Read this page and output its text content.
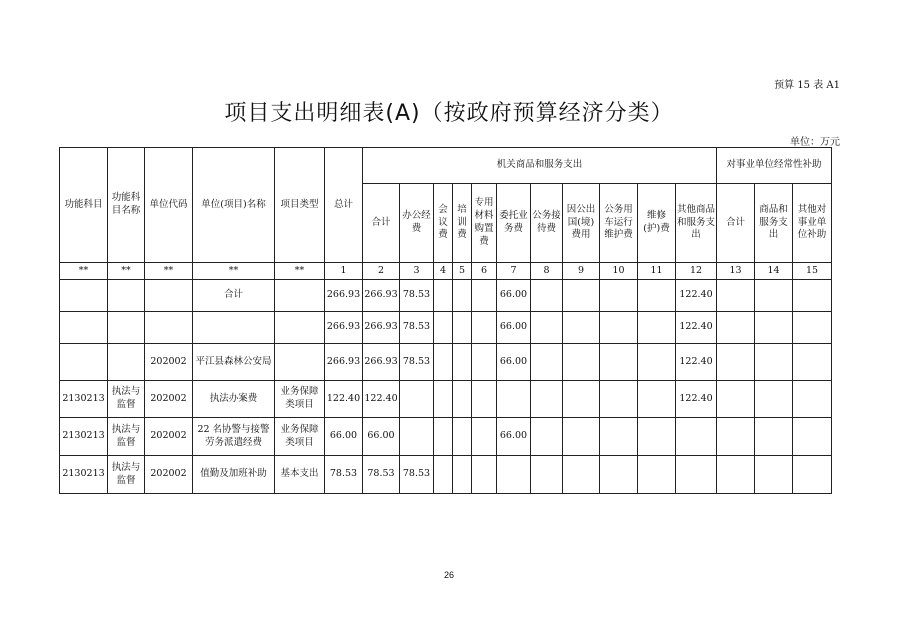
预算 15 表 A1
项目支出明细表(A)（按政府预算经济分类）
单位：万元
功能科目	功能科目名称	单位代码	单位(项目)名称	项目类型	总计	机关商品和服务支出											对事业单位经常性补助		
						合计	办公经费	会议费	培训费	专用材料购置费	委托业务费	公务接待费	因公出国(境)费用	公务用车运行维护费	维修(护)费	其他商品和服务支出	合计	商品和服务支出	其他对事业单位补助
**	**	**	**	**	1	2	3	4	5	6	7	8	9	10	11	12	13	14	15
			合计		266.93	266.93	78.53				66.00					122.40			
					266.93	266.93	78.53				66.00					122.40			
		202002	平江县森林公安局		266.93	266.93	78.53				66.00					122.40			
2130213	执法与监督	202002	执法办案费	业务保障类项目	122.40	122.40										122.40			
2130213	执法与监督	202002	22 名协警与接警劳务派遣经费	业务保障类项目	66.00	66.00					66.00								
2130213	执法与监督	202002	值勤及加班补助	基本支出	78.53	78.53	78.53												
26
